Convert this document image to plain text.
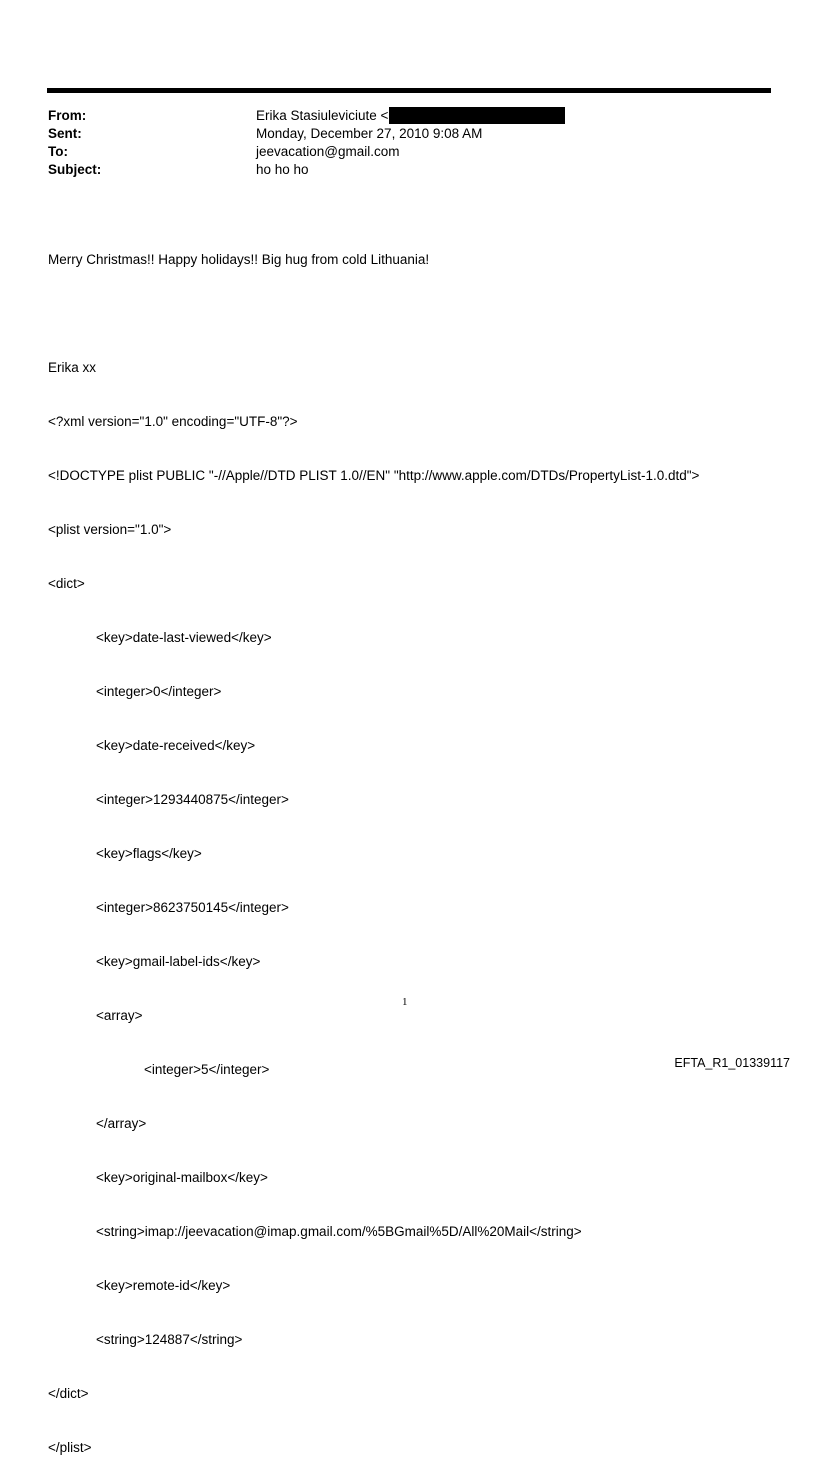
From:	Erika Stasiuleviciute <
Sent:	Monday, December 27, 2010 9:08 AM
To:	jeevacation@gmail.com
Subject:	ho ho ho

Merry Christmas!! Happy holidays!! Big hug from cold Lithuania!

Erika xx

<?xml version="1.0" encoding="UTF-8"?>

<!DOCTYPE plist PUBLIC "-//Apple//DTD PLIST 1.0//EN" "http://www.apple.com/DTDs/PropertyList-1.0.dtd">

<plist version="1.0">

<dict>

<key>date-last-viewed</key>

<integer>0</integer>

<key>date-received</key>

<integer>1293440875</integer>

<key>flags</key>

<integer>8623750145</integer>

<key>gmail-label-ids</key>

<array>

<integer>5</integer>

</array>

<key>original-mailbox</key>

<string>imap://jeevacation@imap.gmail.com/%5BGmail%5D/All%20Mail</string>

<key>remote-id</key>

<string>124887</string>

</dict>

</plist>

1
EFTA_R1_01339117
